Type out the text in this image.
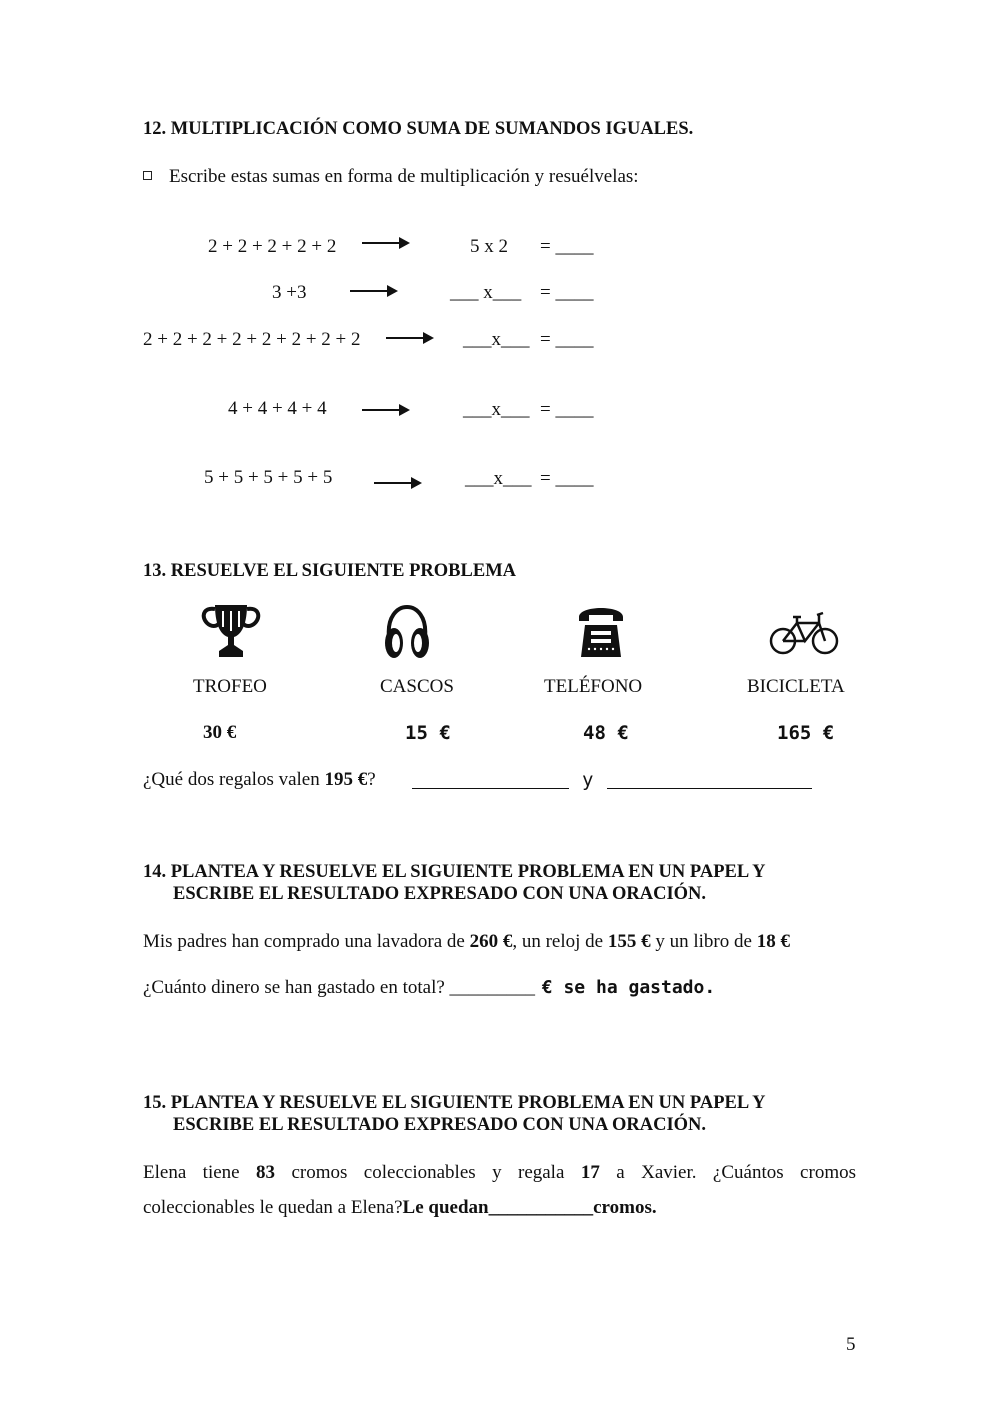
12. MULTIPLICACIÓN COMO SUMA DE SUMANDOS IGUALES.
Escribe estas sumas en forma de multiplicación y resuélvelas:
2 + 2 + 2 + 2 + 2	5 x 2 = ____
3 +3	___ x___ = ____
2 + 2 + 2 + 2 + 2 + 2 + 2 + 2	___x___ = ____
4 + 4 + 4 + 4	___x___ = ____
5 + 5 + 5 + 5 + 5	___x___ = ____
13. RESUELVE EL SIGUIENTE PROBLEMA
TROFEO	CASCOS	TELÉFONO	BICICLETA
30 €	15 €	48 €	165 €
¿Qué dos regalos valen 195 €?	y
14. PLANTEA Y RESUELVE EL SIGUIENTE PROBLEMA EN UN PAPEL Y
ESCRIBE EL RESULTADO EXPRESADO CON UNA ORACIÓN.
Mis padres han comprado una lavadora de 260 €, un reloj de 155 € y un libro de 18 €
¿Cuánto dinero se han gastado en total? _________ € se ha gastado.
15. PLANTEA Y RESUELVE EL SIGUIENTE PROBLEMA EN UN PAPEL Y
ESCRIBE EL RESULTADO EXPRESADO CON UNA ORACIÓN.
Elena tiene 83 cromos coleccionables y regala 17 a Xavier. ¿Cuántos cromos
coleccionables le quedan a Elena?Le quedan___________cromos.
5
